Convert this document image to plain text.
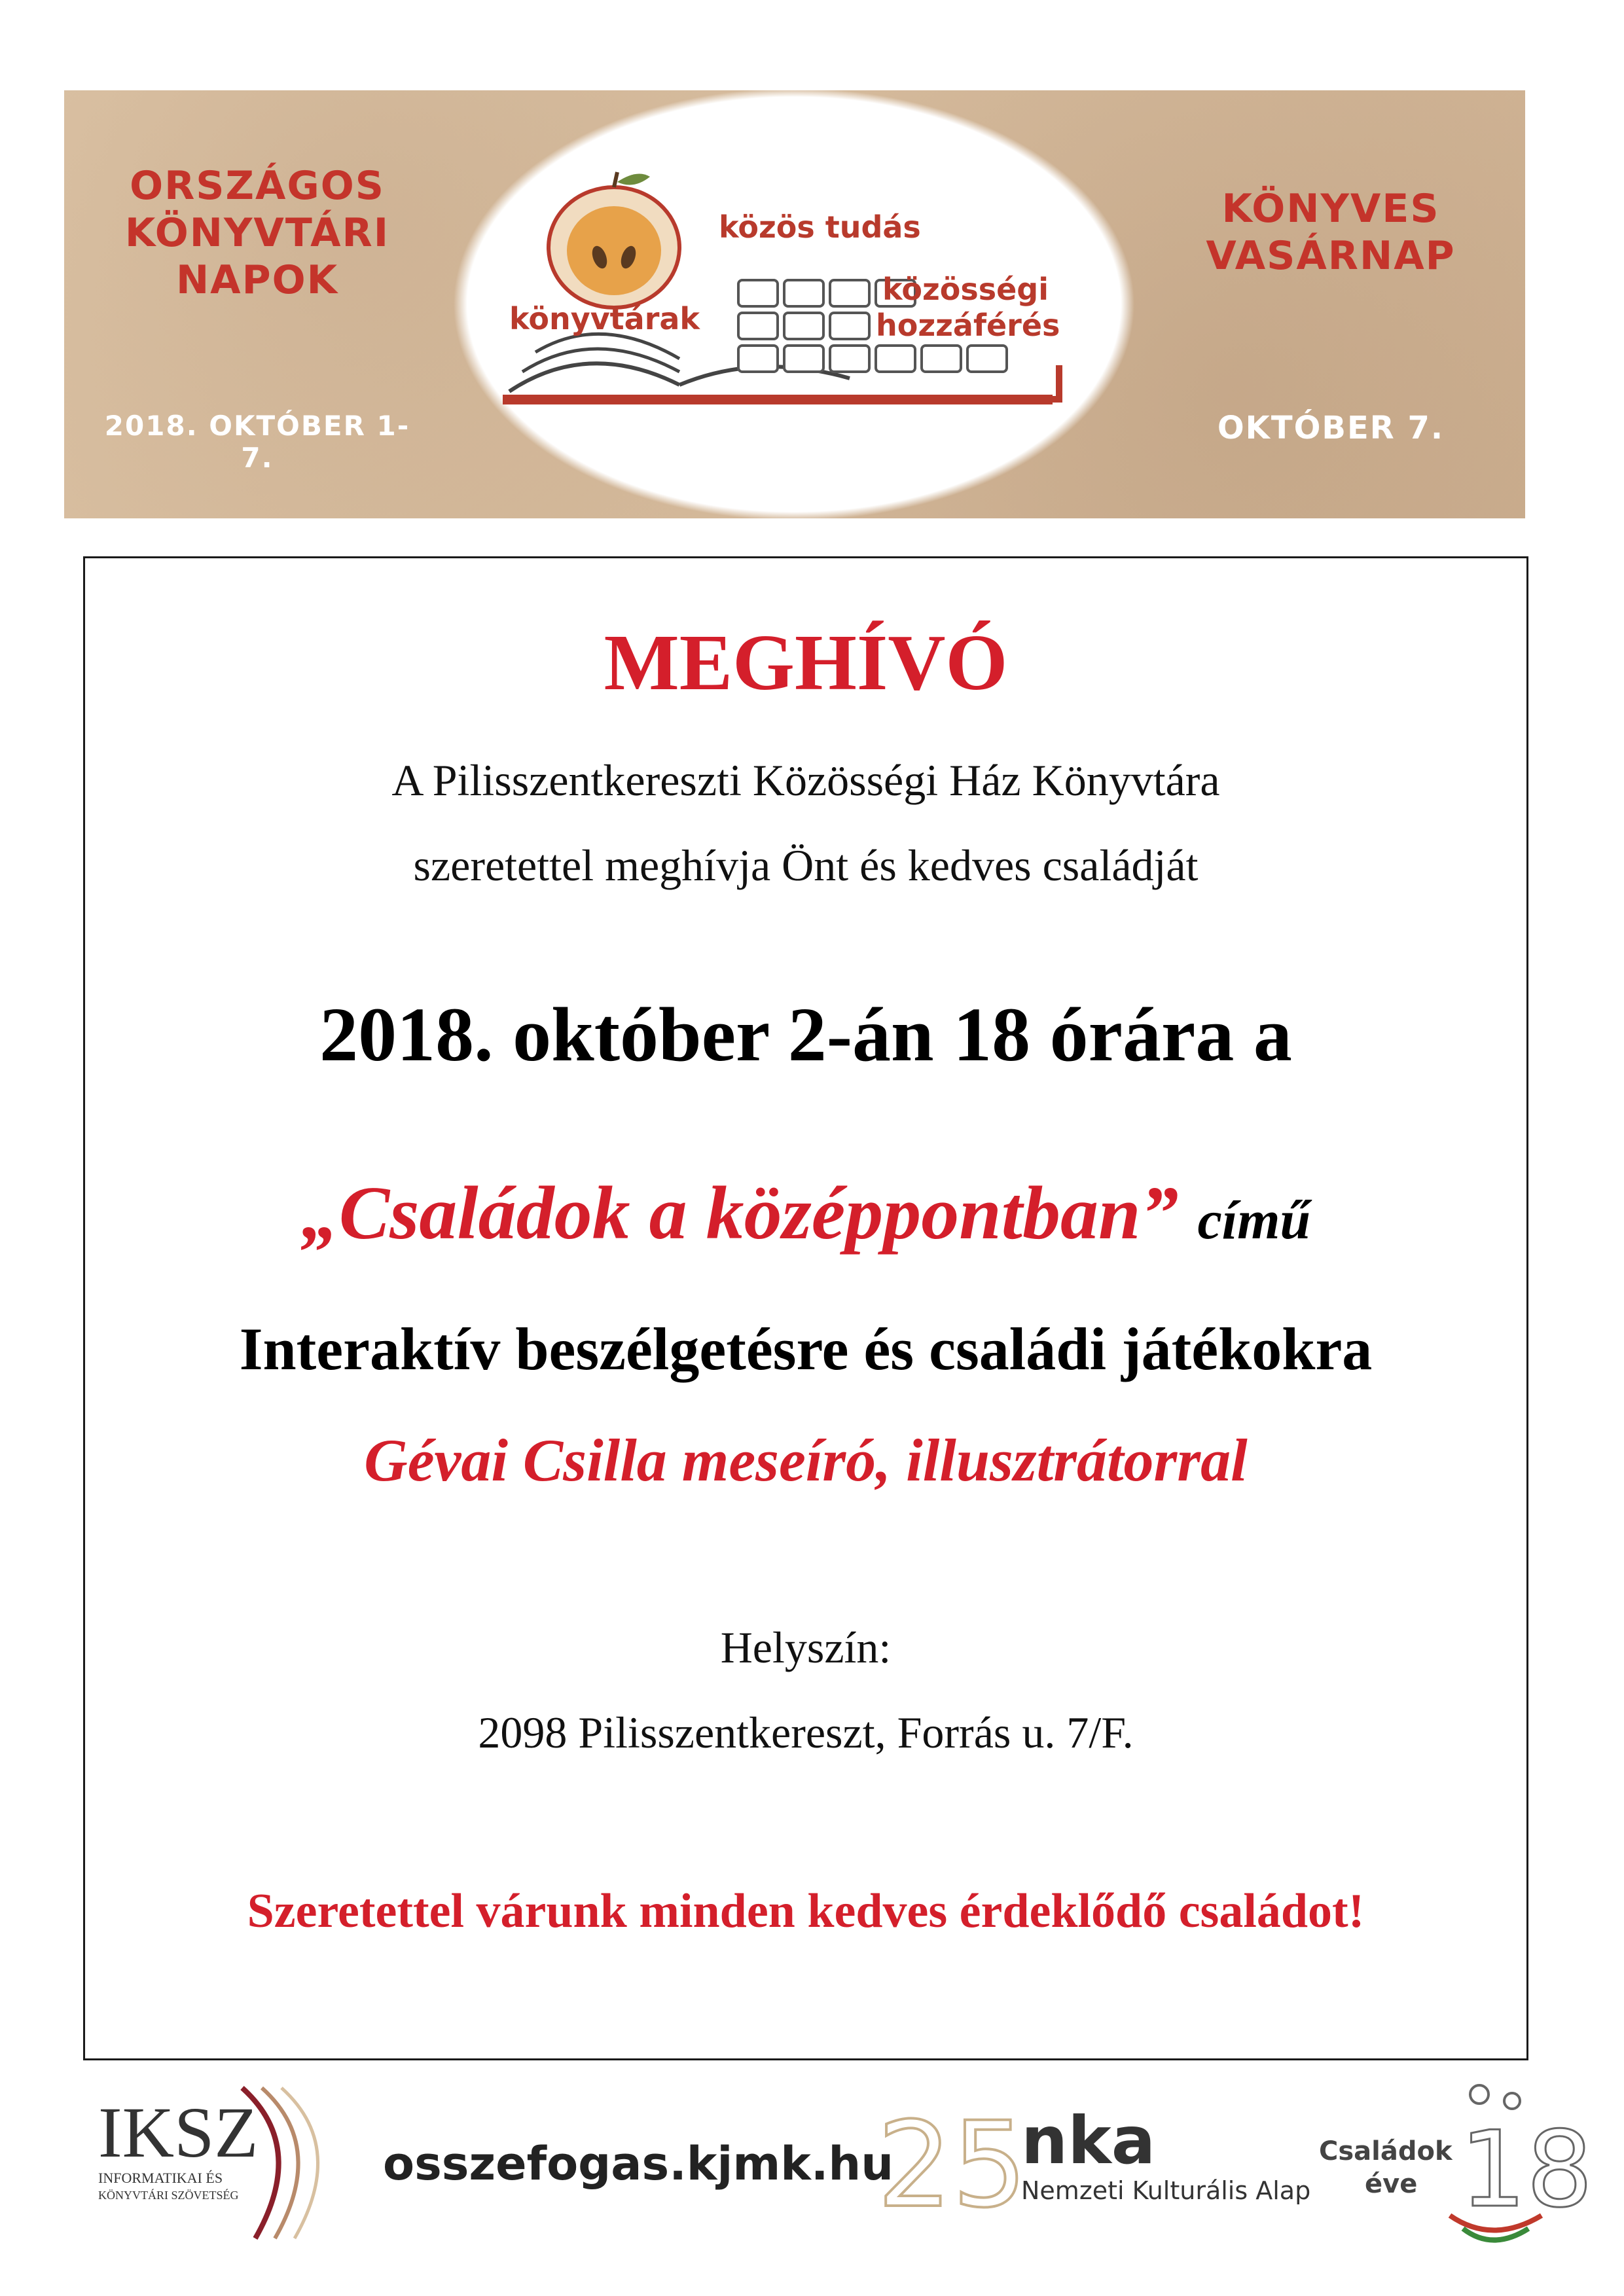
ORSZÁGOS
KÖNYVTÁRI
NAPOK
2018. OKTÓBER 1-7.
könyvtárak
közös tudás
közösségi
hozzáférés
KÖNYVES
VASÁRNAP
OKTÓBER 7.
MEGHÍVÓ
A Pilisszentkereszti Közösségi Ház Könyvtára
szeretettel meghívja Önt és kedves családját
2018. október 2-án 18 órára a
„Családok a középpontban” című
Interaktív beszélgetésre és családi játékokra
Gévai Csilla meseíró, illusztrátorral
Helyszín:
2098 Pilisszentkereszt, Forrás u. 7/F.
Szeretettel várunk minden kedves érdeklődő családot!
IKSZ
INFORMATIKAI ÉS
KÖNYVTÁRI SZÖVETSÉG
osszefogas.kjmk.hu
25
nka
Nemzeti Kulturális Alap
Családok
éve 18
